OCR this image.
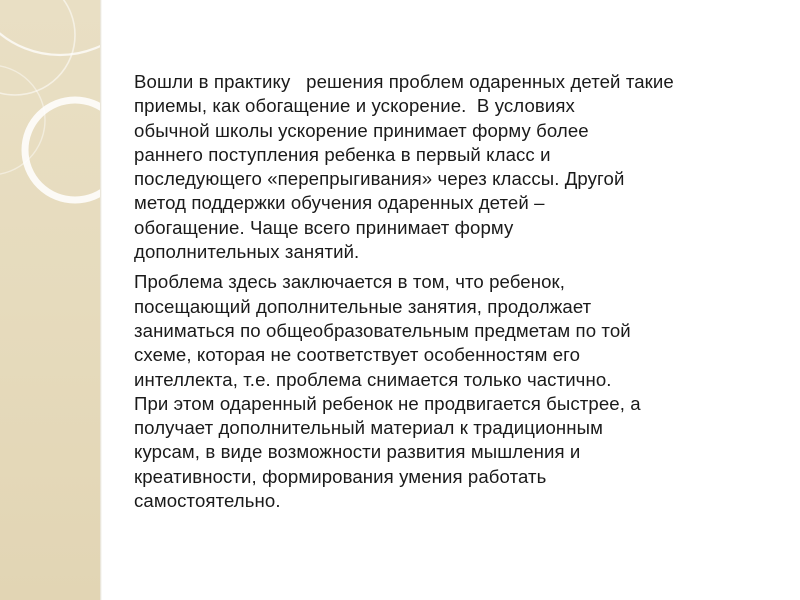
Вошли в практику   решения проблем одаренных детей такие
приемы, как обогащение и ускорение.  В условиях
обычной школы ускорение принимает форму более
раннего поступления ребенка в первый класс и
последующего «перепрыгивания» через классы. Другой
метод поддержки обучения одаренных детей –
обогащение. Чаще всего принимает форму
дополнительных занятий.

Проблема здесь заключается в том, что ребенок,
посещающий дополнительные занятия, продолжает
заниматься по общеобразовательным предметам по той
схеме, которая не соответствует особенностям его
интеллекта, т.е. проблема снимается только частично.
При этом одаренный ребенок не продвигается быстрее, а
получает дополнительный материал к традиционным
курсам, в виде возможности развития мышления и
креативности, формирования умения работать
самостоятельно.
